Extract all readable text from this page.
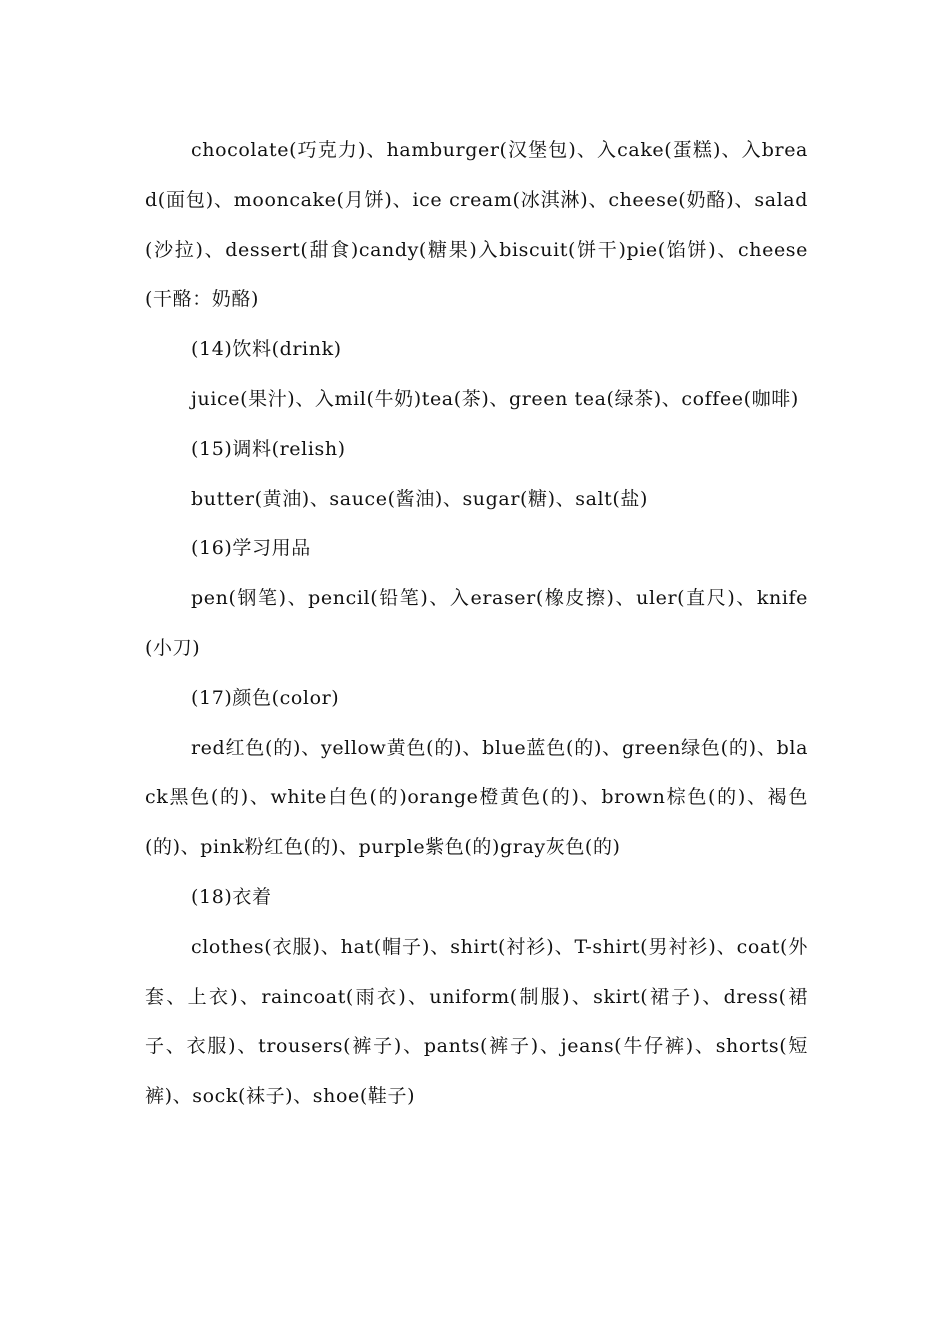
chocolate(巧克力)、hamburger(汉堡包)、入cake(蛋糕)、入bread(面包)、mooncake(月饼)、ice cream(冰淇淋)、cheese(奶酪)、salad(沙拉)、dessert(甜食)candy(糖果)入biscuit(饼干)pie(馅饼)、cheese(干酪：奶酪)

(14)饮料(drink)

juice(果汁)、入mil(牛奶)tea(茶)、green tea(绿茶)、coffee(咖啡)

(15)调料(relish)

butter(黄油)、sauce(酱油)、sugar(糖)、salt(盐)

(16)学习用品

pen(钢笔)、pencil(铅笔)、入eraser(橡皮擦)、uler(直尺)、knife(小刀)

(17)颜色(color)

red红色(的)、yellow黄色(的)、blue蓝色(的)、green绿色(的)、black黑色(的)、white白色(的)orange橙黄色(的)、brown棕色(的)、褐色(的)、pink粉红色(的)、purple紫色(的)gray灰色(的)

(18)衣着

clothes(衣服)、hat(帽子)、shirt(衬衫)、T-shirt(男衬衫)、coat(外套、上衣)、raincoat(雨衣)、uniform(制服)、skirt(裙子)、dress(裙子、衣服)、trousers(裤子)、pants(裤子)、jeans(牛仔裤)、shorts(短裤)、sock(袜子)、shoe(鞋子)
